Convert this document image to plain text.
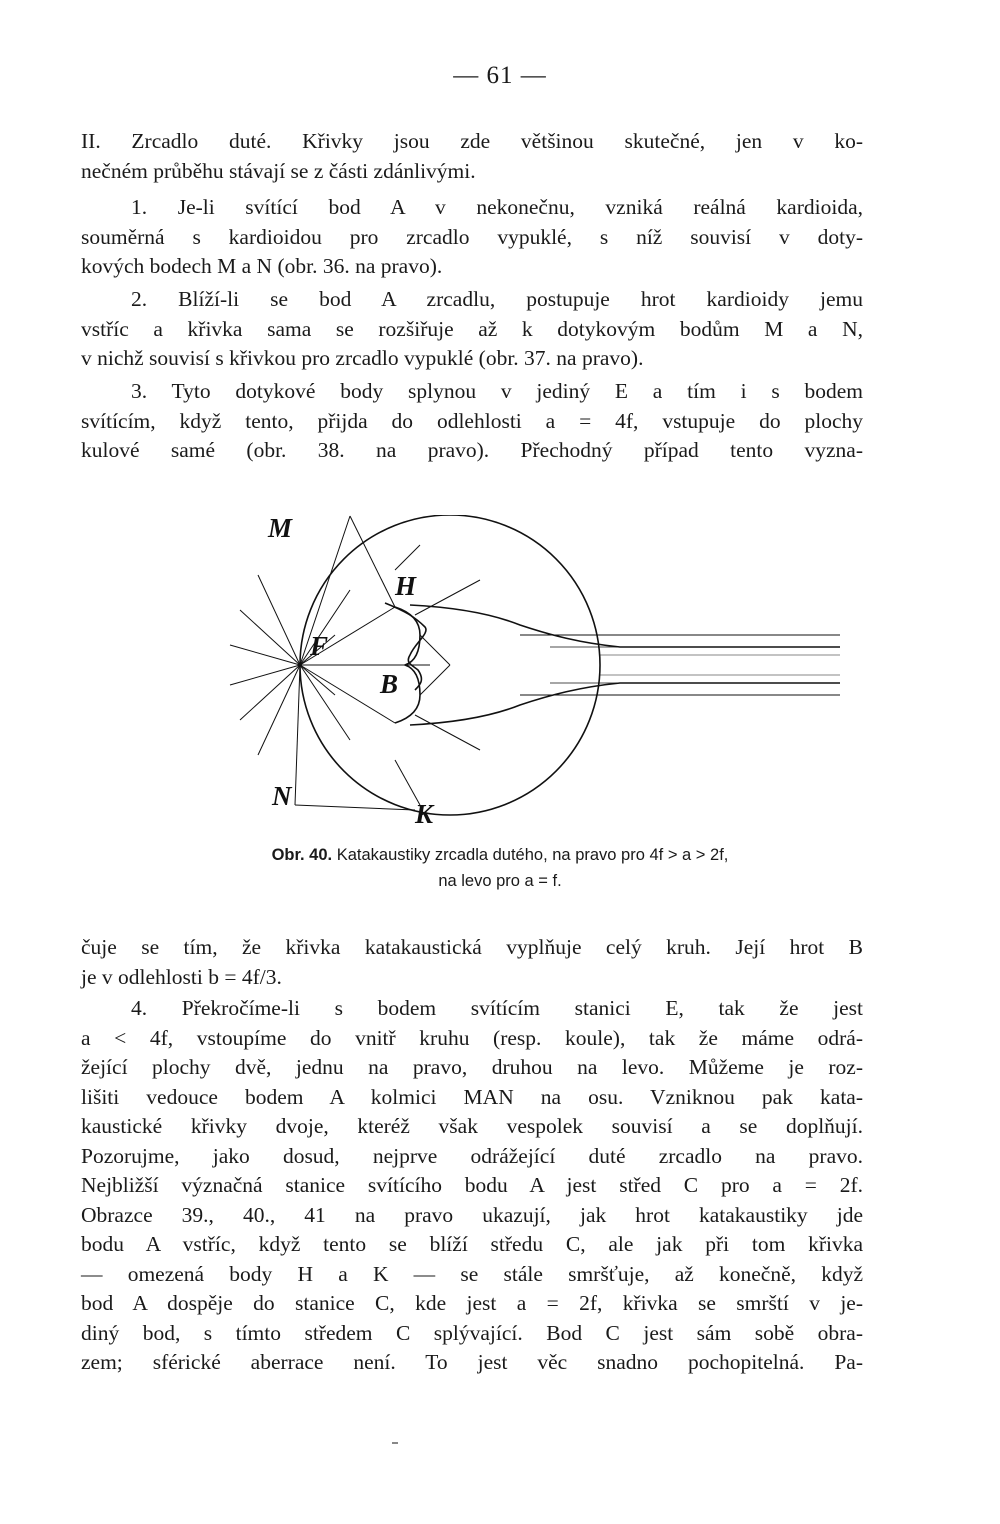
— 61 —
II. Zrcadlo duté. Křivky jsou zde většinou skutečné, jen v ko-
nečném průběhu stávají se z části zdánlivými.
1. Je-li svítící bod A v nekonečnu, vzniká reálná kardioida,
souměrná s kardioidou pro zrcadlo vypuklé, s níž souvisí v doty-
kových bodech M a N (obr. 36. na pravo).
2. Blíží-li se bod A zrcadlu, postupuje hrot kardioidy jemu
vstříc a křivka sama se rozšiřuje až k dotykovým bodům M a N,
v nichž souvisí s křivkou pro zrcadlo vypuklé (obr. 37. na pravo).
3. Tyto dotykové body splynou v jediný E a tím i s bodem
svítícím, když tento, přijda do odlehlosti a = 4f, vstupuje do plochy
kulové samé (obr. 38. na pravo). Přechodný případ tento vyzna-
M
H
F
B
N
K
Obr. 40. Katakaustiky zrcadla dutého, na pravo pro 4f > a > 2f,
na levo pro a = f.
čuje se tím, že křivka katakaustická vyplňuje celý kruh. Její hrot B
je v odlehlosti b = 4f/3.
4. Překročíme-li s bodem svítícím stanici E, tak že jest
a < 4f, vstoupíme do vnitř kruhu (resp. koule), tak že máme odrá-
žející plochy dvě, jednu na pravo, druhou na levo. Můžeme je roz-
lišiti vedouce bodem A kolmici MAN na osu. Vzniknou pak kata-
kaustické křivky dvoje, kteréž však vespolek souvisí a se doplňují.
Pozorujme, jako dosud, nejprve odrážející duté zrcadlo na pravo.
Nejbližší význačná stanice svítícího bodu A jest střed C pro a = 2f.
Obrazce 39., 40., 41 na pravo ukazují, jak hrot katakaustiky jde
bodu A vstříc, když tento se blíží středu C, ale jak při tom křivka
— omezená body H a K — se stále smršťuje, až konečně, když
bod A dospěje do stanice C, kde jest a = 2f, křivka se smrští v je-
diný bod, s tímto středem C splývající. Bod C jest sám sobě obra-
zem; sférické aberrace není. To jest věc snadno pochopitelná. Pa-
